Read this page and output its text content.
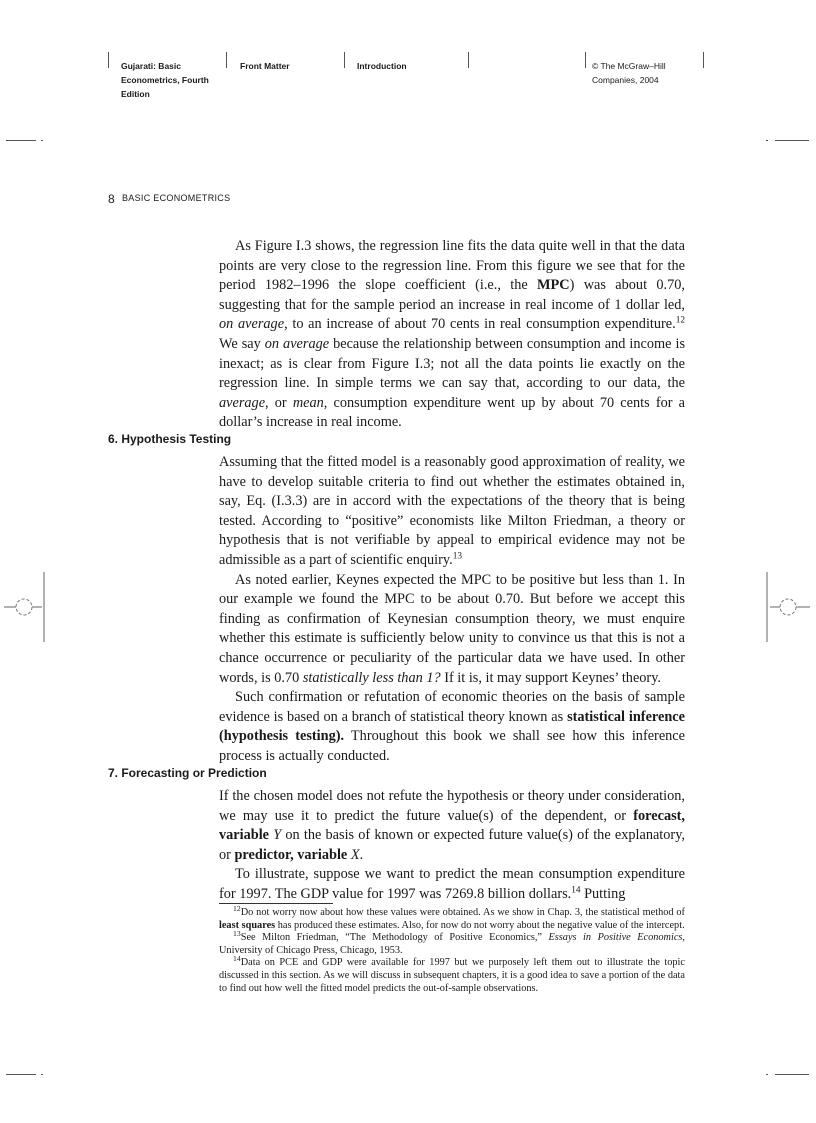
Gujarati: Basic
Econometrics, Fourth
Edition
Front Matter	Introduction	© The McGraw–Hill
Companies, 2004
8 BASIC ECONOMETRICS

As Figure I.3 shows, the regression line fits the data quite well in that the data points are very close to the regression line. From this figure we see that for the period 1982–1996 the slope coefficient (i.e., the MPC) was about 0.70, suggesting that for the sample period an increase in real income of 1 dollar led, on average, to an increase of about 70 cents in real consumption expenditure.$^{12}$ We say on average because the relationship between consumption and income is inexact; as is clear from Figure I.3; not all the data points lie exactly on the regression line. In simple terms we can say that, according to our data, the average, or mean, consumption expenditure went up by about 70 cents for a dollar’s increase in real income.

6. Hypothesis Testing

Assuming that the fitted model is a reasonably good approximation of reality, we have to develop suitable criteria to find out whether the estimates obtained in, say, Eq. (I.3.3) are in accord with the expectations of the theory that is being tested. According to “positive” economists like Milton Friedman, a theory or hypothesis that is not verifiable by appeal to empirical evidence may not be admissible as a part of scientific enquiry.$^{13}$

As noted earlier, Keynes expected the MPC to be positive but less than 1. In our example we found the MPC to be about 0.70. But before we accept this finding as confirmation of Keynesian consumption theory, we must enquire whether this estimate is sufficiently below unity to convince us that this is not a chance occurrence or peculiarity of the particular data we have used. In other words, is 0.70 statistically less than 1? If it is, it may support Keynes’ theory.

Such confirmation or refutation of economic theories on the basis of sample evidence is based on a branch of statistical theory known as statistical inference (hypothesis testing). Throughout this book we shall see how this inference process is actually conducted.

7. Forecasting or Prediction

If the chosen model does not refute the hypothesis or theory under consideration, we may use it to predict the future value(s) of the dependent, or forecast, variable Y on the basis of known or expected future value(s) of the explanatory, or predictor, variable X.

To illustrate, suppose we want to predict the mean consumption expenditure for 1997. The GDP value for 1997 was 7269.8 billion dollars.$^{14}$ Putting

$^{12}$Do not worry now about how these values were obtained. As we show in Chap. 3, the statistical method of least squares has produced these estimates. Also, for now do not worry about the negative value of the intercept.

$^{13}$See Milton Friedman, “The Methodology of Positive Economics,” Essays in Positive Economics, University of Chicago Press, Chicago, 1953.

$^{14}$Data on PCE and GDP were available for 1997 but we purposely left them out to illustrate the topic discussed in this section. As we will discuss in subsequent chapters, it is a good idea to save a portion of the data to find out how well the fitted model predicts the out-of-sample observations.
